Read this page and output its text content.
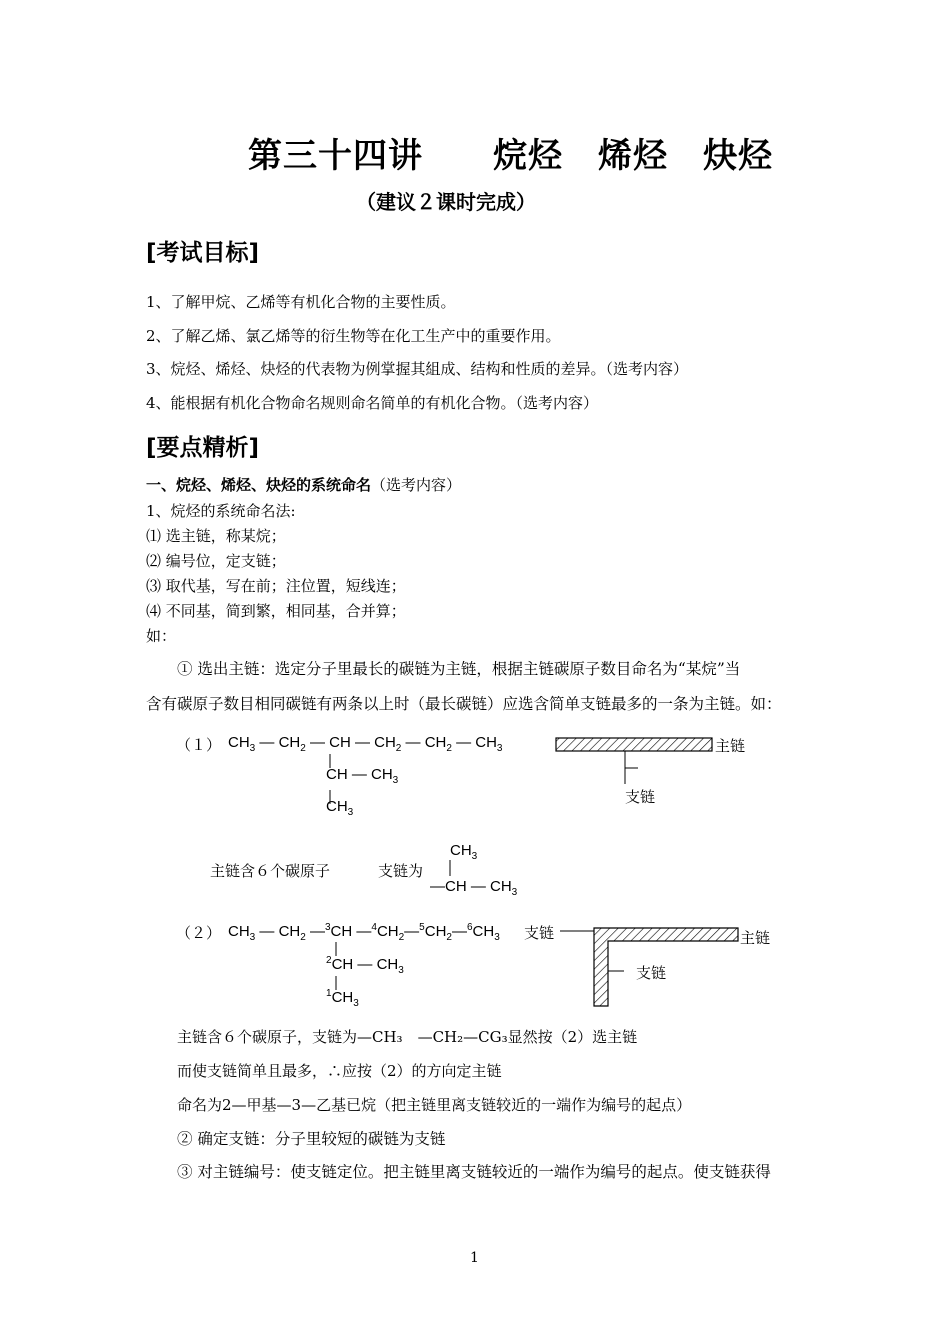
第三十四讲　　烷烃　烯烃　炔烃
（建议２课时完成）
[考试目标]
1、了解甲烷、乙烯等有机化合物的主要性质。
2、了解乙烯、氯乙烯等的衍生物等在化工生产中的重要作用。
3、烷烃、烯烃、炔烃的代表物为例掌握其組成、结构和性质的差异。（选考内容）
4、能根据有机化合物命名规则命名简单的有机化合物。（选考内容）
[要点精析]
一、烷烃、烯烃、炔烃的系统命名（选考内容）
1、烷烃的系统命名法:
⑴ 选主链，称某烷；
⑵ 编号位，定支链；
⑶ 取代基，写在前；注位置，短线连；
⑷ 不同基，简到繁，相同基，合并算；
如：
① 选出主链：选定分子里最长的碳链为主链，根据主链碳原子数目命名为“某烷”当
含有碳原子数目相同碳链有两条以上时（最长碳链）应选含简单支链最多的一条为主链。如：
（１） $CH_3$ — $CH_2$ — CH — $CH_2$ — $CH_2$ — $CH_3$
CH — $CH_3$
$CH_3$
主链
支链
主链含６个碳原子	支链为
$CH_3$
—CH — $CH_3$
（２） $CH_3$ — $CH_2$ —$^3$CH $—^4CH_2—^5CH_2—^6CH_3$
$^2$CH — $CH_3$
$^1CH_3$
支链	主链
支链
主链含６个碳原子，支链为—CH₃　—CH₂—CG₃显然按（2）选主链
而使支链简单且最多，∴应按（2）的方向定主链
命名为2—甲基—3—乙基已烷（把主链里离支链较近的一端作为编号的起点）
② 确定支链：分子里较短的碳链为支链
③ 对主链编号：使支链定位。把主链里离支链较近的一端作为编号的起点。使支链获得
1
